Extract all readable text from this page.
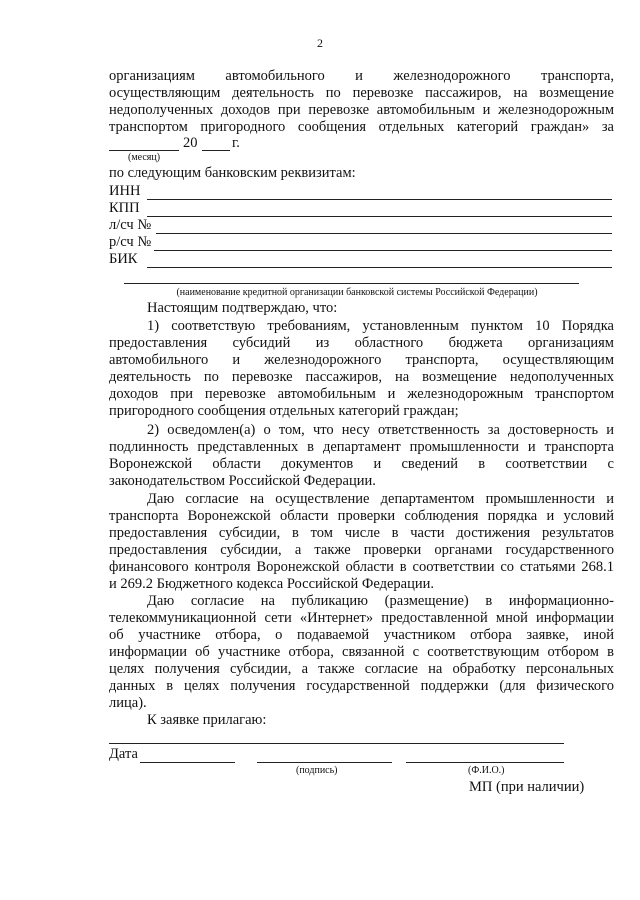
2
организациям автомобильного и железнодорожного транспорта,
осуществляющим деятельность по перевозке пассажиров, на возмещение
недополученных доходов при перевозке автомобильным и железнодорожным
транспортом пригородного сообщения отдельных категорий граждан» за
20 г.
(месяц)
по следующим банковским реквизитам:
ИНН
КПП
л/сч №
р/сч №
БИК
(наименование кредитной организации банковской системы Российской Федерации)
Настоящим подтверждаю, что:
1) соответствую требованиям, установленным пунктом 10 Порядка
предоставления субсидий из областного бюджета организациям
автомобильного и железнодорожного транспорта, осуществляющим
деятельность по перевозке пассажиров, на возмещение недополученных
доходов при перевозке автомобильным и железнодорожным транспортом
пригородного сообщения отдельных категорий граждан;
2) осведомлен(а) о том, что несу ответственность за достоверность и
подлинность представленных в департамент промышленности и транспорта
Воронежской области документов и сведений в соответствии с
законодательством Российской Федерации.
Даю согласие на осуществление департаментом промышленности и
транспорта Воронежской области проверки соблюдения порядка и условий
предоставления субсидии, в том числе в части достижения результатов
предоставления субсидии, а также проверки органами государственного
финансового контроля Воронежской области в соответствии со статьями 268.1
и 269.2 Бюджетного кодекса Российской Федерации.
Даю согласие на публикацию (размещение) в информационно-
телекоммуникационной сети «Интернет» предоставленной мной информации
об участнике отбора, о подаваемой участником отбора заявке, иной
информации об участнике отбора, связанной с соответствующим отбором в
целях получения субсидии, а также согласие на обработку персональных
данных в целях получения государственной поддержки (для физического
лица).
К заявке прилагаю:
Дата
(подпись)	(Ф.И.О.)
МП (при наличии)
